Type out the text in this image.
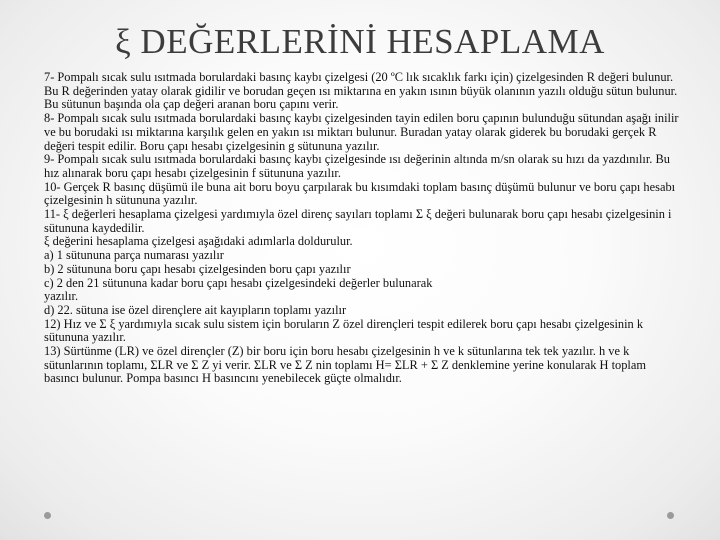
ξ DEĞERLERİNİ HESAPLAMA

7- Pompalı sıcak sulu ısıtmada borulardaki basınç kaybı çizelgesi (20 ºC lık sıcaklık farkı için) çizelgesinden R değeri bulunur. Bu R değerinden yatay olarak gidilir ve borudan geçen ısı miktarına en yakın ısının büyük olanının yazılı olduğu sütun bulunur. Bu sütunun başında ola çap değeri aranan boru çapını verir.

8- Pompalı sıcak sulu ısıtmada borulardaki basınç kaybı çizelgesinden tayin edilen boru çapının bulunduğu sütundan aşağı inilir ve bu borudaki ısı miktarına karşılık gelen en yakın ısı miktarı bulunur. Buradan yatay olarak giderek bu borudaki gerçek R değeri tespit edilir. Boru çapı hesabı çizelgesinin g sütununa yazılır.

9- Pompalı sıcak sulu ısıtmada borulardaki basınç kaybı çizelgesinde ısı değerinin altında m/sn olarak su hızı da yazdınılır. Bu hız alınarak boru çapı hesabı çizelgesinin f sütununa yazılır.

10- Gerçek R basınç düşümü ile buna ait boru boyu çarpılarak bu kısımdaki toplam basınç düşümü bulunur ve boru çapı hesabı çizelgesinin h sütununa yazılır.

11- ξ değerleri hesaplama çizelgesi yardımıyla özel direnç sayıları toplamı Σ ξ değeri bulunarak boru çapı hesabı çizelgesinin i sütununa kaydedilir.

ξ değerini hesaplama çizelgesi aşağıdaki adımlarla doldurulur.

a) 1 sütununa parça numarası yazılır

b) 2 sütununa boru çapı hesabı çizelgesinden boru çapı yazılır

c) 2 den 21 sütununa kadar boru çapı hesabı çizelgesindeki değerler bulunarak

yazılır.

d) 22. sütuna ise özel dirençlere ait kayıpların toplamı yazılır

12) Hız ve Σ ξ yardımıyla sıcak sulu sistem için boruların Z özel dirençleri tespit edilerek boru çapı hesabı çizelgesinin k sütununa yazılır.

13) Sürtünme (LR) ve özel dirençler (Z) bir boru için boru hesabı çizelgesinin h ve k sütunlarına tek tek yazılır. h ve k sütunlarının toplamı, ΣLR ve Σ Z yi verir. ΣLR ve Σ Z nin toplamı H= ΣLR + Σ Z denklemine yerine konularak H toplam basıncı bulunur. Pompa basıncı H basıncını yenebilecek güçte olmalıdır.
